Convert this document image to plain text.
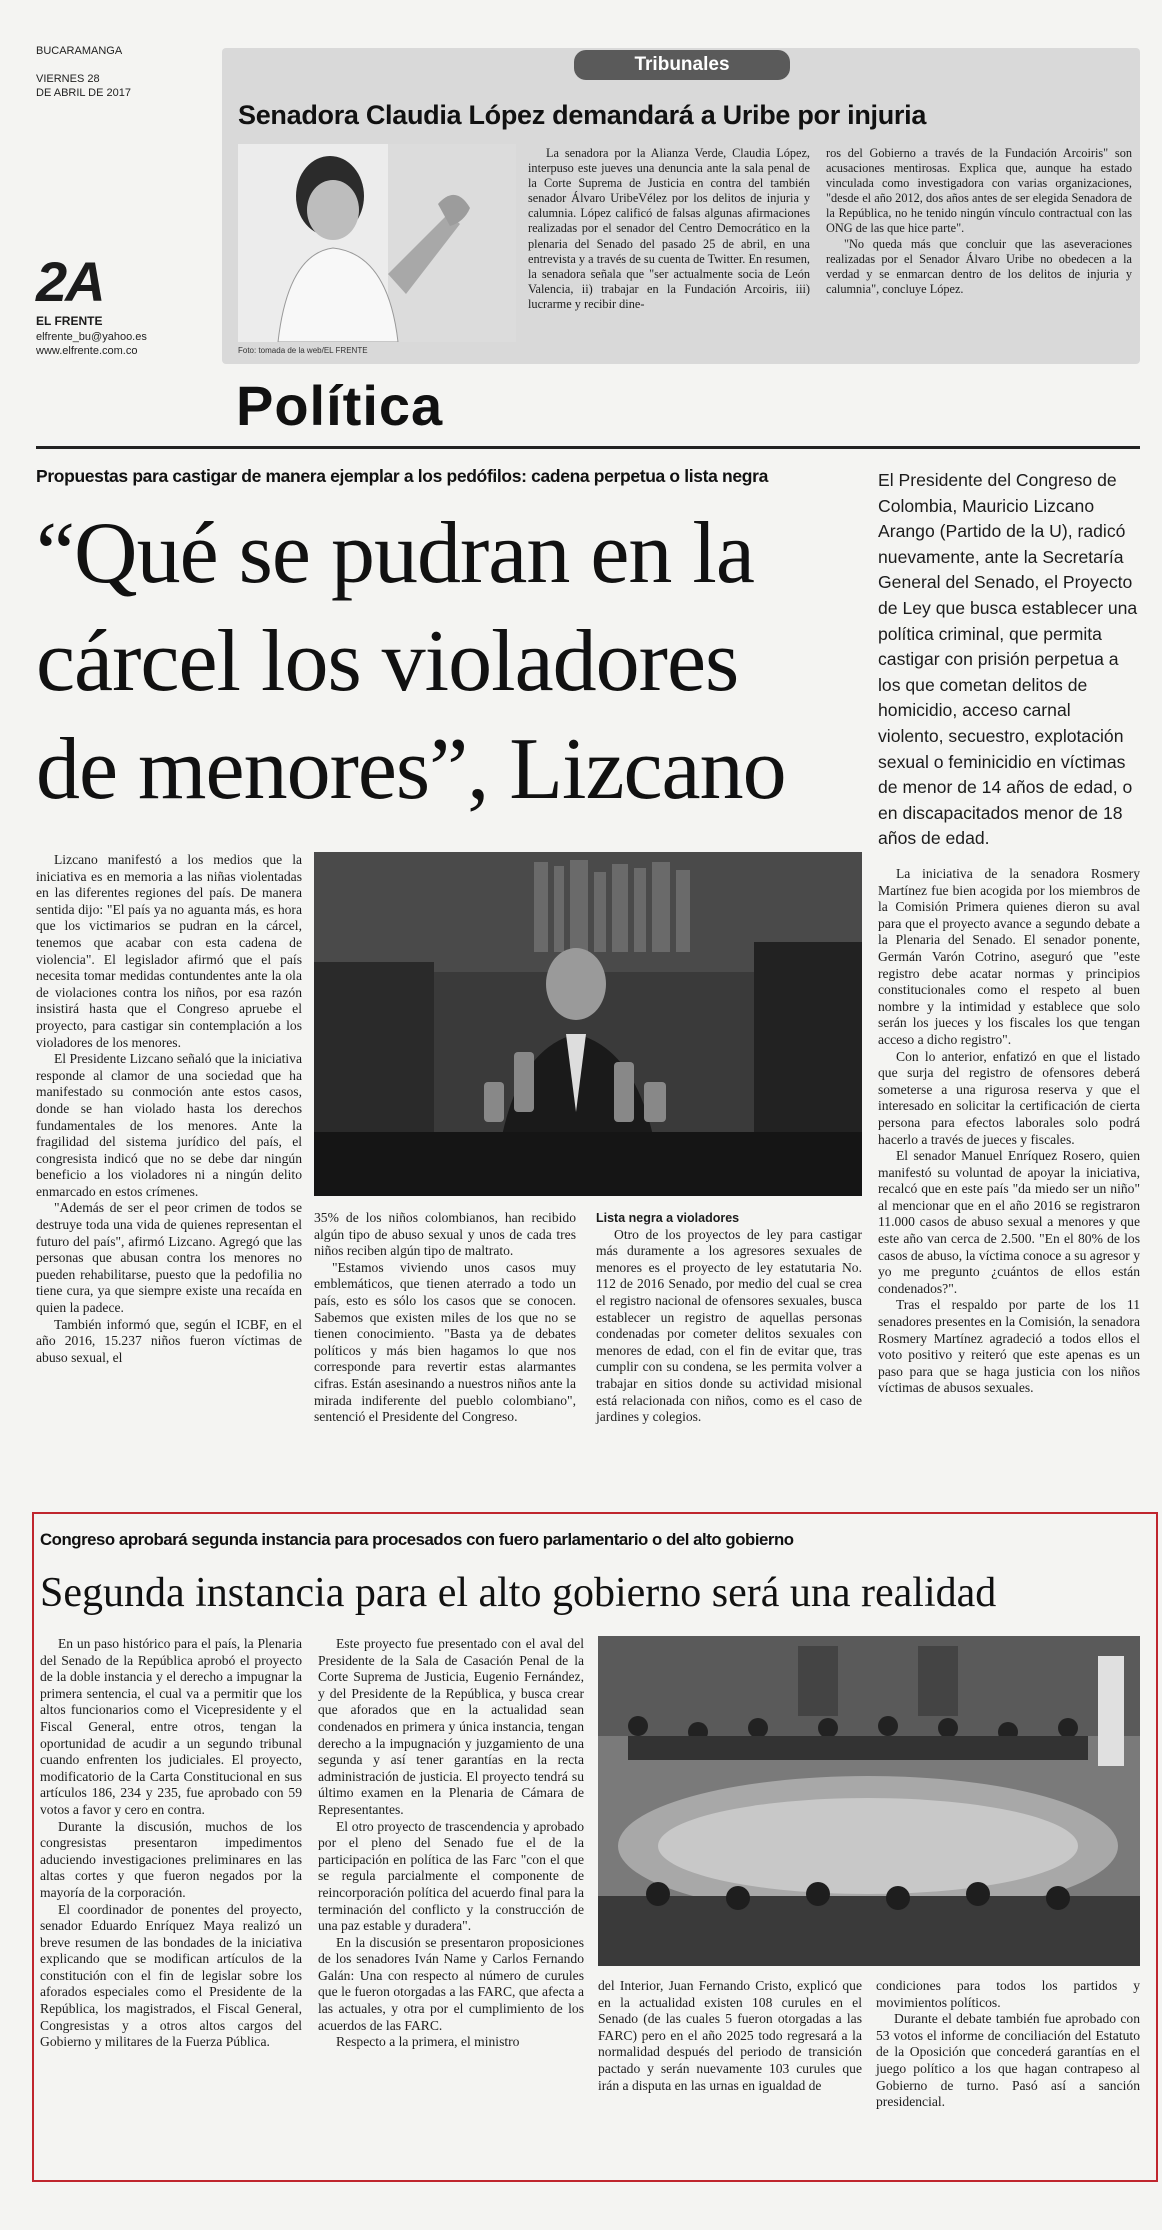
BUCARAMANGA
VIERNES 28
DE ABRIL DE 2017
2A
EL FRENTE
elfrente_bu@yahoo.es
www.elfrente.com.co
Tribunales
Senadora Claudia López demandará a Uribe por injuria
Foto: tomada de la web/EL FRENTE

La senadora por la Alianza Verde, Claudia López, interpuso este jueves una denuncia ante la sala penal de la Corte Suprema de Justicia en contra del también senador Álvaro UribeVélez por los delitos de injuria y calumnia. López calificó de falsas algunas afirmaciones realizadas por el senador del Centro Democrático en la plenaria del Senado del pasado 25 de abril, en una entrevista y a través de su cuenta de Twitter. En resumen, la senadora señala que "ser actualmente socia de León Valencia, ii) trabajar en la Fundación Arcoiris, iii) lucrarme y recibir dine-

ros del Gobierno a través de la Fundación Arcoiris" son acusaciones mentirosas. Explica que, aunque ha estado vinculada como investigadora con varias organizaciones, "desde el año 2012, dos años antes de ser elegida Senadora de la República, no he tenido ningún vínculo contractual con las ONG de las que hice parte".

"No queda más que concluir que las aseveraciones realizadas por el Senador Álvaro Uribe no obedecen a la verdad y se enmarcan dentro de los delitos de injuria y calumnia", concluye López.

Política
Propuestas para castigar de manera ejemplar a los pedófilos: cadena perpetua o lista negra
“Qué se pudran en la
cárcel los violadores
de menores”, Lizcano

El Presidente del Congreso de Colombia, Mauricio Lizcano Arango (Partido de la U), radicó nuevamente, ante la Secretaría General del Senado, el Proyecto de Ley que busca establecer una política criminal, que permita castigar con prisión perpetua a los que cometan delitos de homicidio, acceso carnal violento, secuestro, explotación sexual o feminicidio en víctimas de menor de 14 años de edad, o en discapacitados menor de 18 años de edad.

Lizcano manifestó a los medios que la iniciativa es en memoria a las niñas violentadas en las diferentes regiones del país. De manera sentida dijo: "El país ya no aguanta más, es hora que los victimarios se pudran en la cárcel, tenemos que acabar con esta cadena de violencia". El legislador afirmó que el país necesita tomar medidas contundentes ante la ola de violaciones contra los niños, por esa razón insistirá hasta que el Congreso apruebe el proyecto, para castigar sin contemplación a los violadores de los menores.

El Presidente Lizcano señaló que la iniciativa responde al clamor de una sociedad que ha manifestado su conmoción ante estos casos, donde se han violado hasta los derechos fundamentales de los menores. Ante la fragilidad del sistema jurídico del país, el congresista indicó que no se debe dar ningún beneficio a los violadores ni a ningún delito enmarcado en estos crímenes.

"Además de ser el peor crimen de todos se destruye toda una vida de quienes representan el futuro del país", afirmó Lizcano. Agregó que las personas que abusan contra los menores no pueden rehabilitarse, puesto que la pedofilia no tiene cura, ya que siempre existe una recaída en quien la padece.

También informó que, según el ICBF, en el año 2016, 15.237 niños fueron víctimas de abuso sexual, el

35% de los niños colombianos, han recibido algún tipo de abuso sexual y unos de cada tres niños reciben algún tipo de maltrato.

"Estamos viviendo unos casos muy emblemáticos, que tienen aterrado a todo un país, esto es sólo los casos que se conocen. Sabemos que existen miles de los que no se tienen conocimiento. "Basta ya de debates políticos y más bien hagamos lo que nos corresponde para revertir estas alarmantes cifras. Están asesinando a nuestros niños ante la mirada indiferente del pueblo colombiano", sentenció el Presidente del Congreso.

Lista negra a violadores

Otro de los proyectos de ley para castigar más duramente a los agresores sexuales de menores es el proyecto de ley estatutaria No. 112 de 2016 Senado, por medio del cual se crea el registro nacional de ofensores sexuales, busca establecer un registro de aquellas personas condenadas por cometer delitos sexuales con menores de edad, con el fin de evitar que, tras cumplir con su condena, se les permita volver a trabajar en sitios donde su actividad misional está relacionada con niños, como es el caso de jardines y colegios.

La iniciativa de la senadora Rosmery Martínez fue bien acogida por los miembros de la Comisión Primera quienes dieron su aval para que el proyecto avance a segundo debate a la Plenaria del Senado. El senador ponente, Germán Varón Cotrino, aseguró que "este registro debe acatar normas y principios constitucionales como el respeto al buen nombre y la intimidad y establece que solo serán los jueces y los fiscales los que tengan acceso a dicho registro".

Con lo anterior, enfatizó en que el listado que surja del registro de ofensores deberá someterse a una rigurosa reserva y que el interesado en solicitar la certificación de cierta persona para efectos laborales solo podrá hacerlo a través de jueces y fiscales.

El senador Manuel Enríquez Rosero, quien manifestó su voluntad de apoyar la iniciativa, recalcó que en este país "da miedo ser un niño" al mencionar que en el año 2016 se registraron 11.000 casos de abuso sexual a menores y que este año van cerca de 2.500. "En el 80% de los casos de abuso, la víctima conoce a su agresor y yo me pregunto ¿cuántos de ellos están condenados?".

Tras el respaldo por parte de los 11 senadores presentes en la Comisión, la senadora Rosmery Martínez agradeció a todos ellos el voto positivo y reiteró que este apenas es un paso para que se haga justicia con los niños víctimas de abusos sexuales.

Congreso aprobará segunda instancia para procesados con fuero parlamentario o del alto gobierno
Segunda instancia para el alto gobierno será una realidad

En un paso histórico para el país, la Plenaria del Senado de la República aprobó el proyecto de la doble instancia y el derecho a impugnar la primera sentencia, el cual va a permitir que los altos funcionarios como el Vicepresidente y el Fiscal General, entre otros, tengan la oportunidad de acudir a un segundo tribunal cuando enfrenten los judiciales. El proyecto, modificatorio de la Carta Constitucional en sus artículos 186, 234 y 235, fue aprobado con 59 votos a favor y cero en contra.

Durante la discusión, muchos de los congresistas presentaron impedimentos aduciendo investigaciones preliminares en las altas cortes y que fueron negados por la mayoría de la corporación.

El coordinador de ponentes del proyecto, senador Eduardo Enríquez Maya realizó un breve resumen de las bondades de la iniciativa explicando que se modifican artículos de la constitución con el fin de legislar sobre los aforados especiales como el Presidente de la República, los magistrados, el Fiscal General, Congresistas y a otros altos cargos del Gobierno y militares de la Fuerza Pública.

Este proyecto fue presentado con el aval del Presidente de la Sala de Casación Penal de la Corte Suprema de Justicia, Eugenio Fernández, y del Presidente de la República, y busca crear que aforados que en la actualidad sean condenados en primera y única instancia, tengan derecho a la impugnación y juzgamiento de una segunda y así tener garantías en la recta administración de justicia. El proyecto tendrá su último examen en la Plenaria de Cámara de Representantes.

El otro proyecto de trascendencia y aprobado por el pleno del Senado fue el de la participación en política de las Farc "con el que se regula parcialmente el componente de reincorporación política del acuerdo final para la terminación del conflicto y la construcción de una paz estable y duradera".

En la discusión se presentaron proposiciones de los senadores Iván Name y Carlos Fernando Galán: Una con respecto al número de curules que le fueron otorgadas a las FARC, que afecta a las actuales, y otra por el cumplimiento de los acuerdos de las FARC.

Respecto a la primera, el ministro

del Interior, Juan Fernando Cristo, explicó que en la actualidad existen 108 curules en el Senado (de las cuales 5 fueron otorgadas a las FARC) pero en el año 2025 todo regresará a la normalidad después del periodo de transición pactado y serán nuevamente 103 curules que irán a disputa en las urnas en igualdad de

condiciones para todos los partidos y movimientos políticos.

Durante el debate también fue aprobado con 53 votos el informe de conciliación del Estatuto de la Oposición que concederá garantías en el juego político a los que hagan contrapeso al Gobierno de turno. Pasó así a sanción presidencial.
